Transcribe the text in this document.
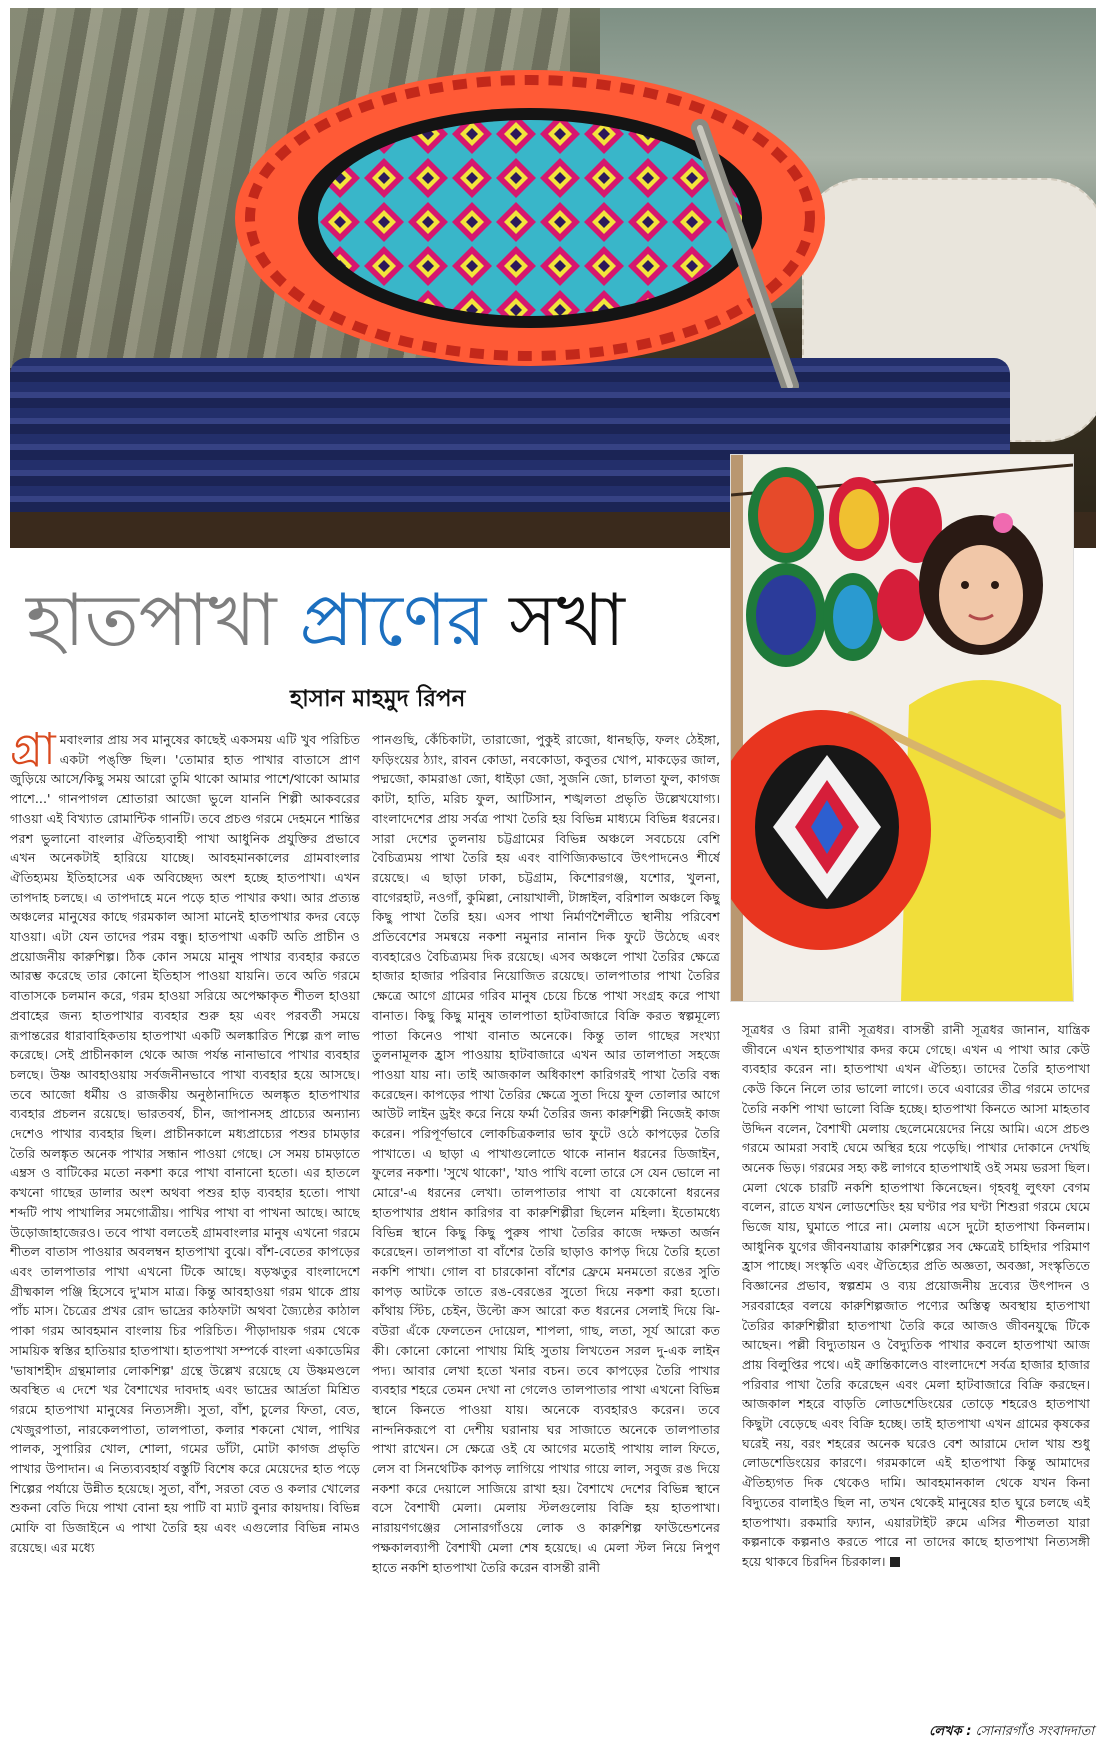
হাতপাখা প্রাণের সখা
হাসান মাহমুদ রিপন

গ্রা মবাংলার প্রায় সব মানুষের কাছেই একসময় এটি খুব পরিচিত একটা পঙ্‌ক্তি ছিল। 'তোমার হাত পাখার বাতাসে প্রাণ জুড়িয়ে আসে/কিছু সময় আরো তুমি থাকো আমার পাশে/থাকো আমার পাশে...' গানপাগল শ্রোতারা আজো ভুলে যাননি শিল্পী আকবরের গাওয়া এই বিখ্যাত রোমান্টিক গানটি। তবে প্রচণ্ড গরমে দেহমনে শান্তির পরশ ভুলানো বাংলার ঐতিহ্যবাহী পাখা আধুনিক প্রযুক্তির প্রভাবে এখন অনেকটাই হারিয়ে যাচ্ছে। আবহমানকালের গ্রামবাংলার ঐতিহ্যময় ইতিহাসের এক অবিচ্ছেদ্য অংশ হচ্ছে হাতপাখা। এখন তাপদাহ চলছে। এ তাপদাহে মনে পড়ে হাত পাখার কথা। আর প্রত্যন্ত অঞ্চলের মানুষের কাছে গরমকাল আসা মানেই হাতপাখার কদর বেড়ে যাওয়া। এটা যেন তাদের পরম বন্ধু। হাতপাখা একটি অতি প্রাচীন ও প্রয়োজনীয় কারুশিল্প। ঠিক কোন সময়ে মানুষ পাখার ব্যবহার করতে আরম্ভ করেছে তার কোনো ইতিহাস পাওয়া যায়নি। তবে অতি গরমে বাতাসকে চলমান করে, গরম হাওয়া সরিয়ে অপেক্ষাকৃত শীতল হাওয়া প্রবাহের জন্য হাতপাখার ব্যবহার শুরু হয় এবং পরবর্তী সময়ে রূপান্তরের ধারাবাহিকতায় হাতপাখা একটি অলঙ্কারিত শিল্পে রূপ লাভ করেছে। সেই প্রাচীনকাল থেকে আজ পর্যন্ত নানাভাবে পাখার ব্যবহার চলছে। উষ্ণ আবহাওয়ায় সর্বজনীনভাবে পাখা ব্যবহার হয়ে আসছে। তবে আজো ধর্মীয় ও রাজকীয় অনুষ্ঠানাদিতে অলঙ্কৃত হাতপাখার ব্যবহার প্রচলন রয়েছে। ভারতবর্ষ, চীন, জাপানসহ প্রাচ্যের অন্যান্য দেশেও পাখার ব্যবহার ছিল। প্রাচীনকালে মধ্যপ্রাচ্যের পশুর চামড়ার তৈরি অলঙ্কৃত অনেক পাখার সন্ধান পাওয়া গেছে। সে সময় চামড়াতে এম্ব্রস ও বাটিকের মতো নকশা করে পাখা বানানো হতো। এর হাতলে কখনো গাছের ডালার অংশ অথবা পশুর হাড় ব্যবহার হতো। পাখা শব্দটি পাখ পাখালির সমগোত্রীয়। পাখির পাখা বা পাখনা আছে। আছে উড়োজাহাজেরও। তবে পাখা বলতেই গ্রামবাংলার মানুষ এখনো গরমে শীতল বাতাস পাওয়ার অবলম্বন হাতপাখা বুঝে। বাঁশ-বেতের কাপড়ের এবং তালপাতার পাখা এখনো টিকে আছে। ষড়ঋতুর বাংলাদেশে গ্রীষ্মকাল পঞ্জি হিসেবে দু'মাস মাত্র। কিন্তু আবহাওয়া গরম থাকে প্রায় পাঁচ মাস। চৈত্রের প্রখর রোদ ভাদ্রের কাঠফাটা অথবা জ্যৈষ্ঠের কাঠাল পাকা গরম আবহমান বাংলায় চির পরিচিত। পীড়াদায়ক গরম থেকে সাময়িক স্বস্তির হাতিয়ার হাতপাখা। হাতপাখা সম্পর্কে বাংলা একাডেমির 'ভাষাশহীদ গ্রন্থমালার লোকশিল্প' গ্রন্থে উল্লেখ রয়েছে যে উষ্ণমণ্ডলে অবস্থিত এ দেশে খর বৈশাখের দাবদাহ এবং ভাদ্রের আর্দ্রতা মিশ্রিত গরমে হাতপাখা মানুষের নিত্যসঙ্গী। সুতা, বাঁশ, চুলের ফিতা, বেত, খেজুরপাতা, নারকেলপাতা, তালপাতা, কলার শকনো খোল, পাখির পালক, সুপারির খোল, শোলা, গমের ডাঁটা, মোটা কাগজ প্রভৃতি পাখার উপাদান। এ নিত্যব্যবহার্য বস্তুটি বিশেষ করে মেয়েদের হাত পড়ে শিল্পের পর্যায়ে উন্নীত হয়েছে। সুতা, বাঁশ, সরতা বেত ও কলার খোলের শুকনা বেতি দিয়ে পাখা বোনা হয় পাটি বা ম্যাট বুনার কায়দায়। বিভিন্ন মোফি বা ডিজাইনে এ পাখা তৈরি হয় এবং এগুলোর বিভিন্ন নামও রয়েছে। এর মধ্যে

পানগুছি, কেঁচিকাটা, তারাজো, পুকুই রাজো, ধানছড়ি, ফলং ঠেইঙ্গা, ফড়িংয়ের ঠ্যাং, রাবন কোডা, নবকোডা, কবুতর খোপ, মাকড়ের জাল, পদ্মজো, কামরাঙা জো, ধাইড়া জো, সুজনি জো, চালতা ফুল, কাগজ কাটা, হাতি, মরিচ ফুল, আটিসান, শঙ্খলতা প্রভৃতি উল্লেখযোগ্য। বাংলাদেশের প্রায় সর্বত্র পাখা তৈরি হয় বিভিন্ন মাধ্যমে বিভিন্ন ধরনের। সারা দেশের তুলনায় চট্টগ্রামের বিভিন্ন অঞ্চলে সবচেয়ে বেশি বৈচিত্র্যময় পাখা তৈরি হয় এবং বাণিজ্যিকভাবে উৎপাদনেও শীর্ষে রয়েছে। এ ছাড়া ঢাকা, চট্টগ্রাম, কিশোরগঞ্জ, যশোর, খুলনা, বাগেরহাট, নওগাঁ, কুমিল্লা, নোয়াখালী, টাঙ্গাইল, বরিশাল অঞ্চলে কিছু কিছু পাখা তৈরি হয়। এসব পাখা নির্মাণশৈলীতে স্থানীয় পরিবেশ প্রতিবেশের সমন্বয়ে নকশা নমুনার নানান দিক ফুটে উঠেছে এবং ব্যবহারেও বৈচিত্র্যময় দিক রয়েছে। এসব অঞ্চলে পাখা তৈরির ক্ষেত্রে হাজার হাজার পরিবার নিয়োজিত রয়েছে। তালপাতার পাখা তৈরির ক্ষেত্রে আগে গ্রামের গরিব মানুষ চেয়ে চিন্তে পাখা সংগ্রহ করে পাখা বানাত। কিছু কিছু মানুষ তালপাতা হাটবাজারে বিক্রি করত স্বল্পমূল্যে পাতা কিনেও পাখা বানাত অনেকে। কিন্তু তাল গাছের সংখ্যা তুলনামূলক হ্রাস পাওয়ায় হাটবাজারে এখন আর তালপাতা সহজে পাওয়া যায় না। তাই আজকাল অধিকাংশ কারিগরই পাখা তৈরি বন্ধ করেছেন। কাপড়ের পাখা তৈরির ক্ষেত্রে সুতা দিয়ে ফুল তোলার আগে আউট লাইন ড্রইং করে নিয়ে ফর্মা তৈরির জন্য কারুশিল্পী নিজেই কাজ করেন। পরিপূর্ণভাবে লোকচিত্রকলার ভাব ফুটে ওঠে কাপড়ের তৈরি পাখাতে। এ ছাড়া এ পাখাগুলোতে থাকে নানান ধরনের ডিজাইন, ফুলের নকশা। 'সুখে থাকো', 'যাও পাখি বলো তারে সে যেন ভোলে না মোরে'-এ ধরনের লেখা। তালপাতার পাখা বা যেকোনো ধরনের হাতপাখার প্রধান কারিগর বা কারুশিল্পীরা ছিলেন মহিলা। ইতোমধ্যে বিভিন্ন স্থানে কিছু কিছু পুরুষ পাখা তৈরির কাজে দক্ষতা অর্জন করেছেন। তালপাতা বা বাঁশের তৈরি ছাড়াও কাপড় দিয়ে তৈরি হতো নকশি পাখা। গোল বা চারকোনা বাঁশের ফ্রেমে মনমতো রঙের সুতি কাপড় আটকে তাতে রঙ-বেরঙের সুতো দিয়ে নকশা করা হতো। কাঁথায় স্টিচ, চেইন, উল্টো ক্রস আরো কত ধরনের সেলাই দিয়ে ঝি-বউরা এঁকে ফেলতেন দোয়েল, শাপলা, গাছ, লতা, সূর্য আরো কত কী। কোনো কোনো পাখায় মিহি সুতায় লিখতেন সরল দু-এক লাইন পদ্য। আবার লেখা হতো খনার বচন। তবে কাপড়ের তৈরি পাখার ব্যবহার শহরে তেমন দেখা না গেলেও তালপাতার পাখা এখনো বিভিন্ন স্থানে কিনতে পাওয়া যায়। অনেকে ব্যবহারও করেন। তবে নান্দনিকরূপে বা দেশীয় ঘরানায় ঘর সাজাতে অনেকে তালপাতার পাখা রাখেন। সে ক্ষেত্রে ওই যে আগের মতোই পাখায় লাল ফিতে, লেস বা সিনথেটিক কাপড় লাগিয়ে পাখার গায়ে লাল, সবুজ রঙ দিয়ে নকশা করে দেয়ালে সাজিয়ে রাখা হয়। বৈশাখে দেশের বিভিন্ন স্থানে বসে বৈশাখী মেলা। মেলায় স্টলগুলোয় বিক্রি হয় হাতপাখা। নারায়ণগঞ্জের সোনারগাঁওয়ে লোক ও কারুশিল্প ফাউন্ডেশনের পক্ষকালব্যাপী বৈশাখী মেলা শেষ হয়েছে। এ মেলা স্টল নিয়ে নিপুণ হাতে নকশি হাতপাখা তৈরি করেন বাসন্তী রানী

সূত্রধর ও রিমা রানী সূত্রধর। বাসন্তী রানী সূত্রধর জানান, যান্ত্রিক জীবনে এখন হাতপাখার কদর কমে গেছে। এখন এ পাখা আর কেউ ব্যবহার করেন না। হাতপাখা এখন ঐতিহ্য। তাদের তৈরি হাতপাখা কেউ কিনে নিলে তার ভালো লাগে। তবে এবারের তীব্র গরমে তাদের তৈরি নকশি পাখা ভালো বিক্রি হচ্ছে। হাতপাখা কিনতে আসা মাহতাব উদ্দিন বলেন, বৈশাখী মেলায় ছেলেমেয়েদের নিয়ে আমি। এসে প্রচণ্ড গরমে আমরা সবাই ঘেমে অস্থির হয়ে পড়েছি। পাখার দোকানে দেখছি অনেক ভিড়। গরমের সহ্য কষ্ট লাগবে হাতপাখাই ওই সময় ভরসা ছিল। মেলা থেকে চারটি নকশি হাতপাখা কিনেছেন। গৃহবধূ লুৎফা বেগম বলেন, রাতে যখন লোডশেডিং হয় ঘণ্টার পর ঘণ্টা শিশুরা গরমে ঘেমে ভিজে যায়, ঘুমাতে পারে না। মেলায় এসে দুটো হাতপাখা কিনলাম। আধুনিক যুগের জীবনযাত্রায় কারুশিল্পের সব ক্ষেত্রেই চাহিদার পরিমাণ হ্রাস পাচ্ছে। সংস্কৃতি এবং ঐতিহ্যের প্রতি অজ্ঞতা, অবজ্ঞা, সংস্কৃতিতে বিজ্ঞানের প্রভাব, স্বল্পশ্রম ও ব্যয় প্রয়োজনীয় দ্রব্যের উৎপাদন ও সরবরাহের বলয়ে কারুশিল্পজাত পণ্যের অস্তিত্ব অবস্থায় হাতপাখা তৈরির কারুশিল্পীরা হাতপাখা তৈরি করে আজও জীবনযুদ্ধে টিকে আছেন। পল্লী বিদ্যুতায়ন ও বৈদ্যুতিক পাখার কবলে হাতপাখা আজ প্রায় বিলুপ্তির পথে। এই ক্রান্তিকালেও বাংলাদেশে সর্বত্র হাজার হাজার পরিবার পাখা তৈরি করেছেন এবং মেলা হাটবাজারে বিক্রি করছেন। আজকাল শহরে বাড়তি লোডশেডিংয়ের তোড়ে শহরেও হাতপাখা কিছুটা বেড়েছে এবং বিক্রি হচ্ছে। তাই হাতপাখা এখন গ্রামের কৃষকের ঘরেই নয়, বরং শহরের অনেক ঘরেও বেশ আরামে দোল খায় শুধু লোডশেডিংয়ের কারণে। গরমকালে এই হাতপাখা কিন্তু আমাদের ঐতিহ্যগত দিক থেকেও দামি। আবহমানকাল থেকে যখন কিনা বিদ্যুতের বালাইও ছিল না, তখন থেকেই মানুষের হাত ঘুরে চলছে এই হাতপাখা। রকমারি ফ্যান, এয়ারটাইট রুমে এসির শীতলতা যারা কল্পনাকে কল্পনাও করতে পারে না তাদের কাছে হাতপাখা নিত্যসঙ্গী হয়ে থাকবে চিরদিন চিরকাল।

লেখক : সোনারগাঁও সংবাদদাতা
